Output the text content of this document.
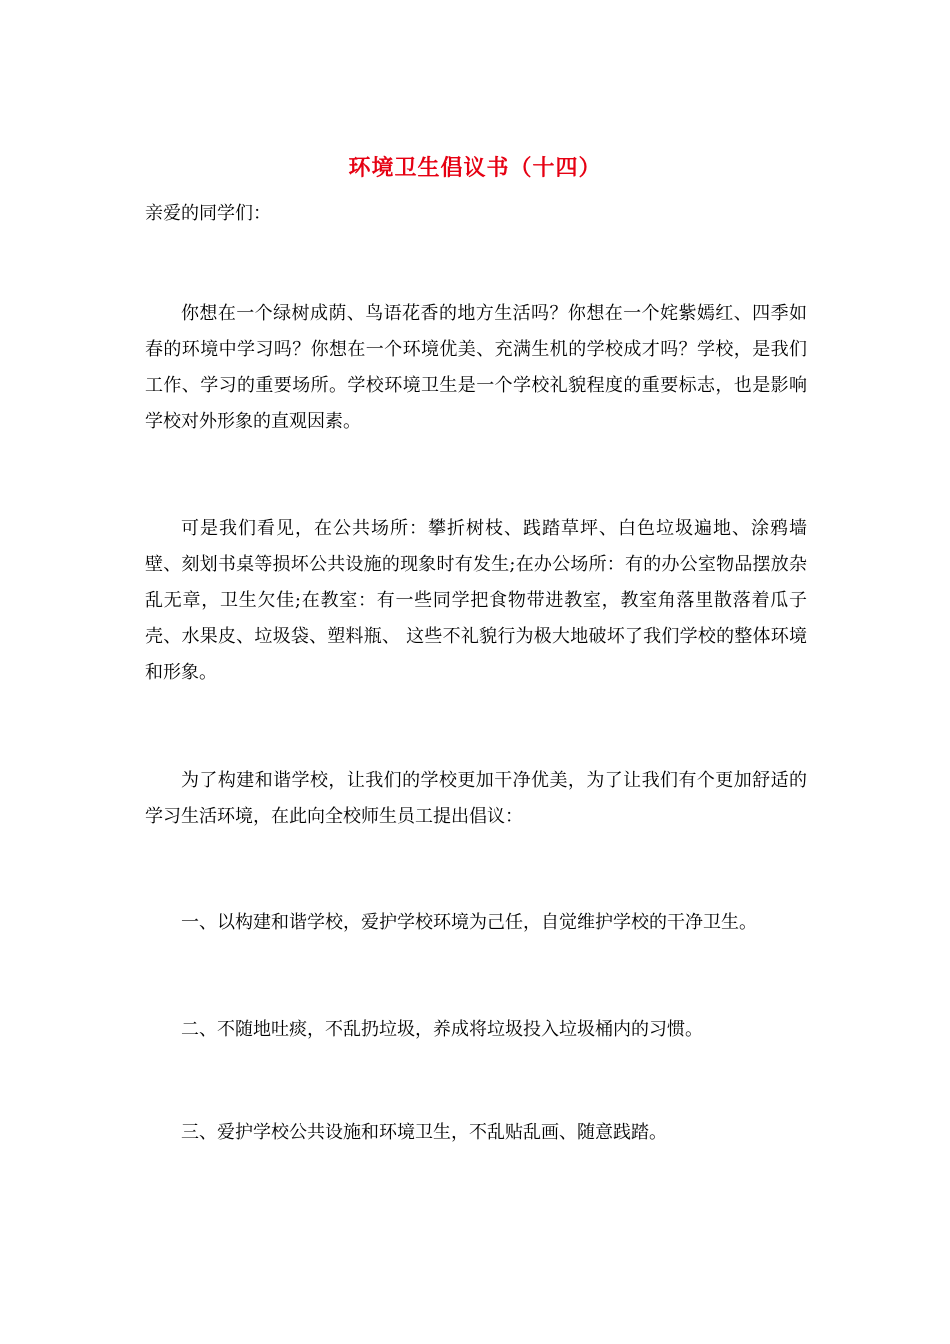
环境卫生倡议书（十四）

亲爱的同学们：

你想在一个绿树成荫、鸟语花香的地方生活吗？你想在一个姹紫嫣红、四季如春的环境中学习吗？你想在一个环境优美、充满生机的学校成才吗？学校，是我们工作、学习的重要场所。学校环境卫生是一个学校礼貌程度的重要标志，也是影响学校对外形象的直观因素。

可是我们看见，在公共场所：攀折树枝、践踏草坪、白色垃圾遍地、涂鸦墙壁、刻划书桌等损坏公共设施的现象时有发生;在办公场所：有的办公室物品摆放杂乱无章，卫生欠佳;在教室：有一些同学把食物带进教室，教室角落里散落着瓜子壳、水果皮、垃圾袋、塑料瓶、 这些不礼貌行为极大地破坏了我们学校的整体环境和形象。

为了构建和谐学校，让我们的学校更加干净优美，为了让我们有个更加舒适的学习生活环境，在此向全校师生员工提出倡议：

一、以构建和谐学校，爱护学校环境为己任，自觉维护学校的干净卫生。

二、不随地吐痰，不乱扔垃圾，养成将垃圾投入垃圾桶内的习惯。

三、爱护学校公共设施和环境卫生，不乱贴乱画、随意践踏。
